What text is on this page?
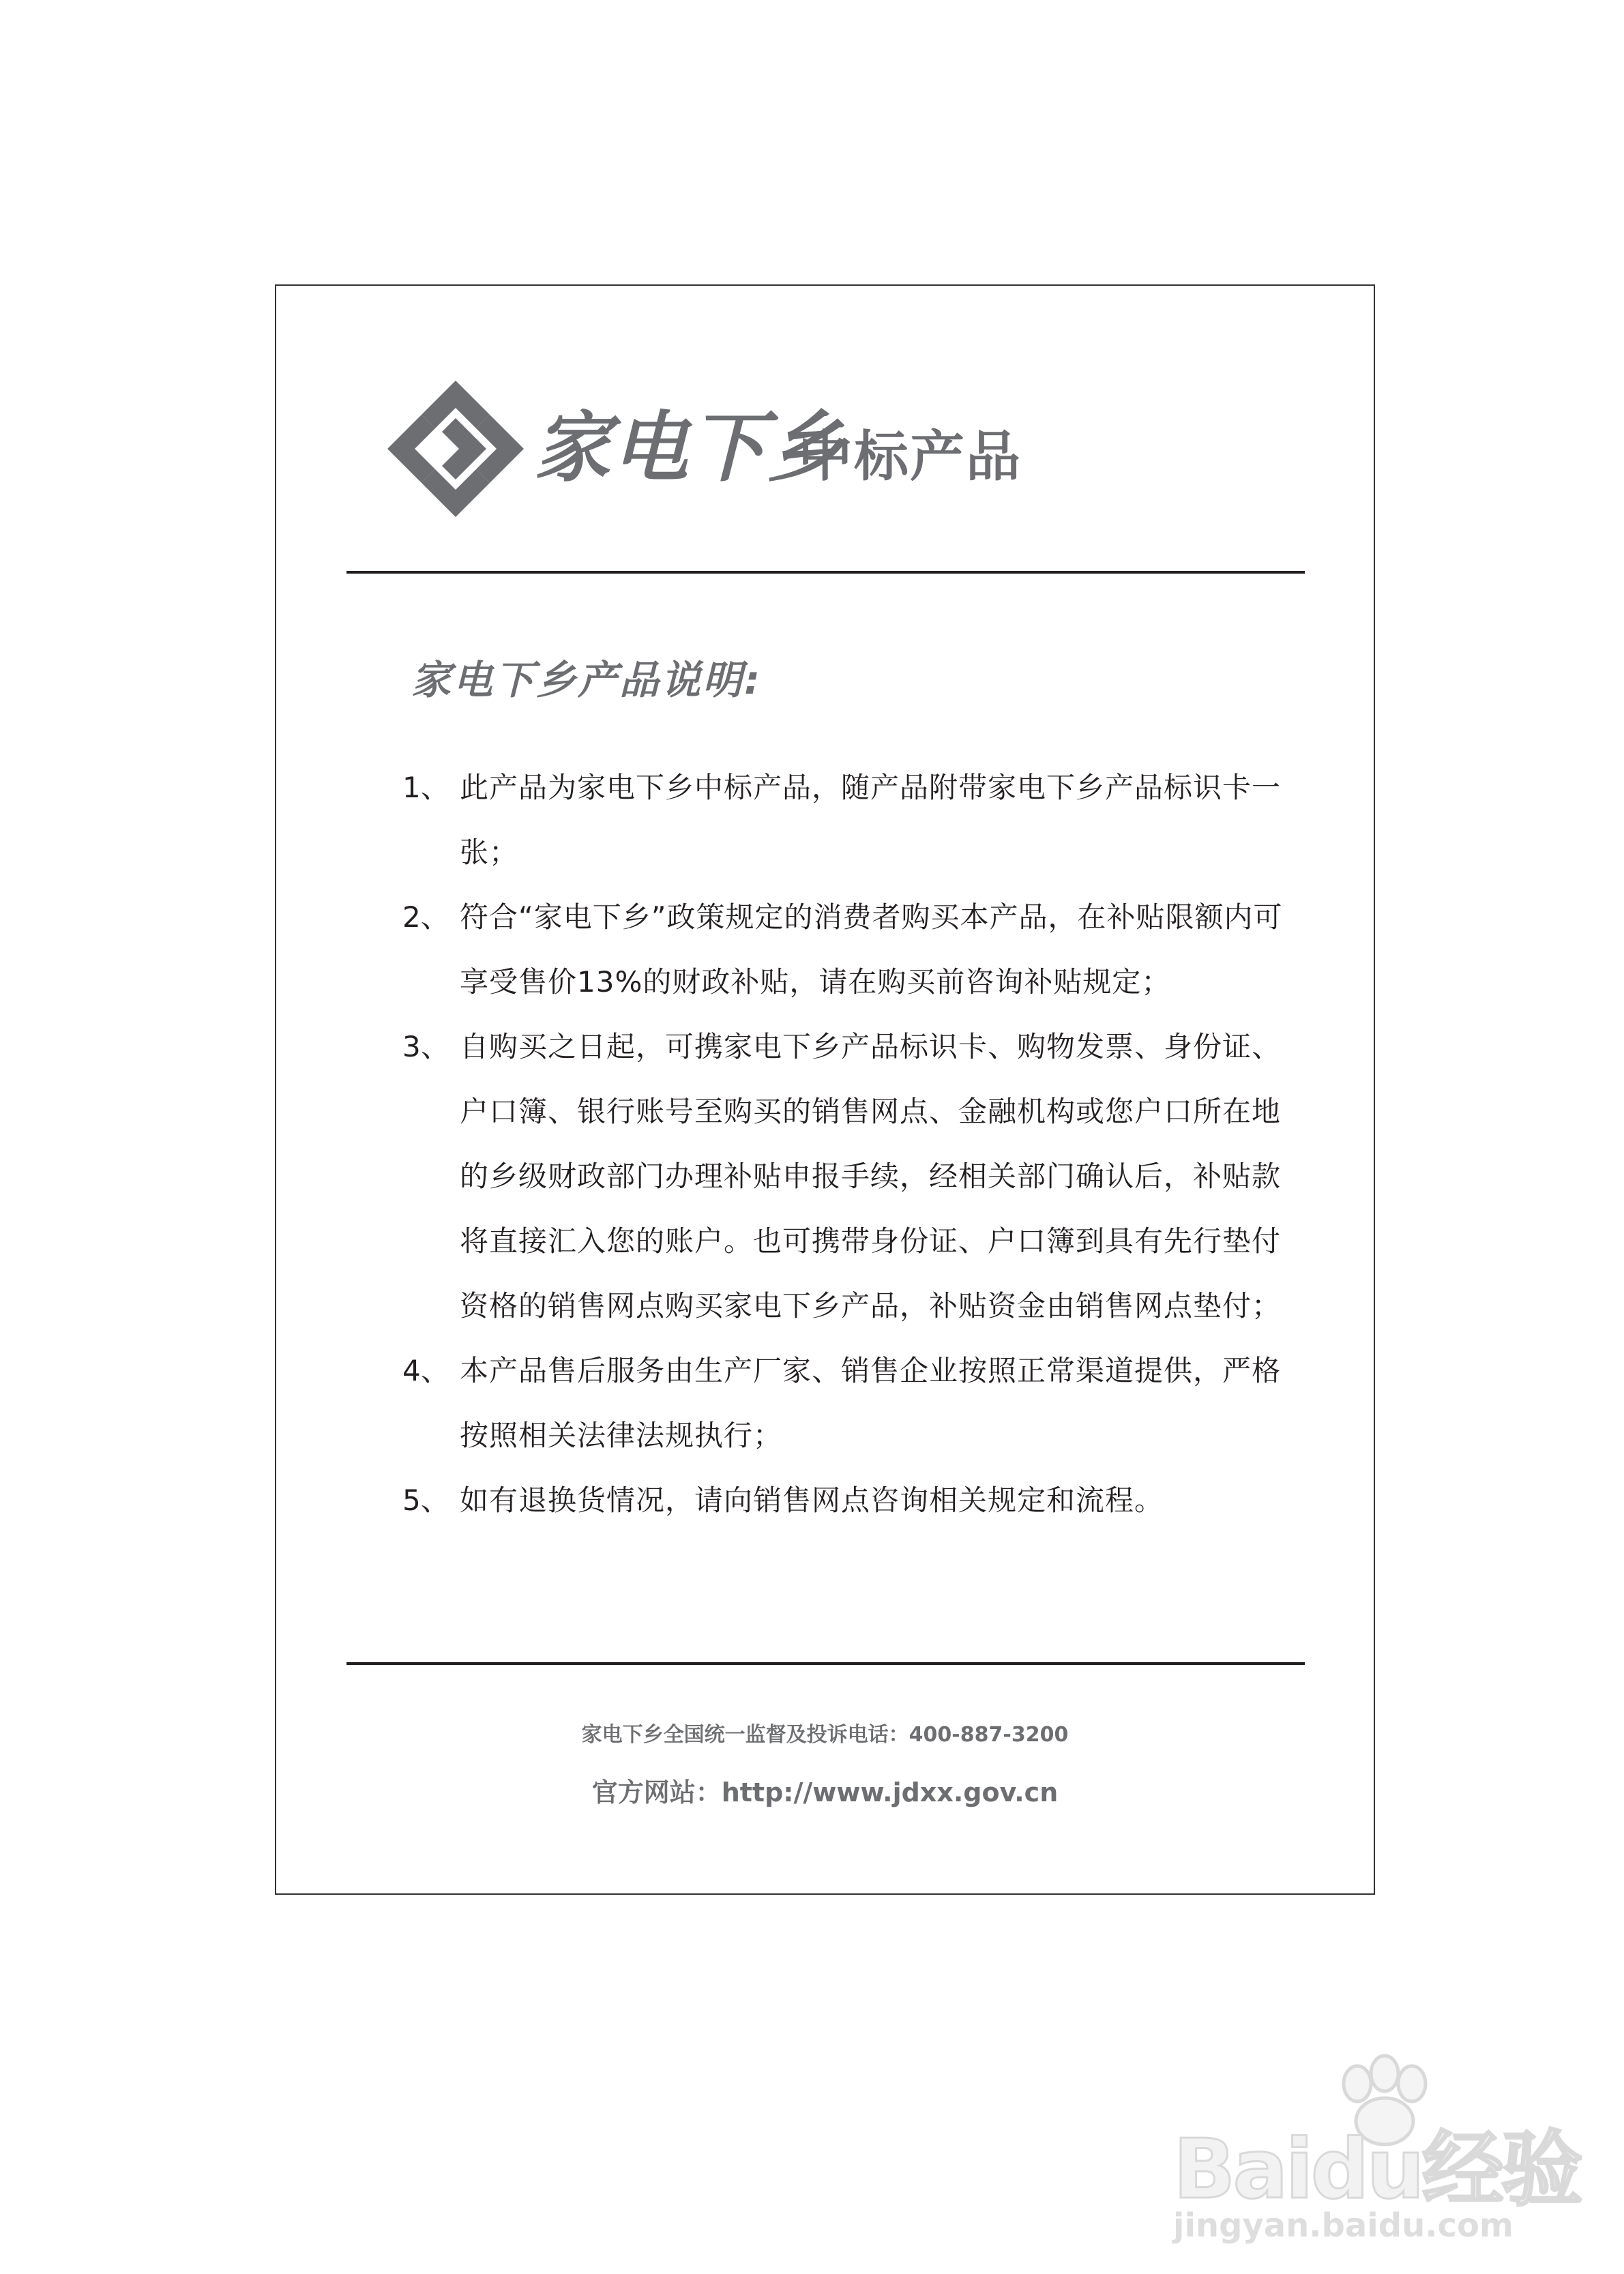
家电下乡
中标产品
家电下乡产品说明:
1、 此产品为家电下乡中标产品，随产品附带家电下乡产品标识卡一张；
2、 符合“家电下乡”政策规定的消费者购买本产品，在补贴限额内可享受售价13%的财政补贴，请在购买前咨询补贴规定；
3、 自购买之日起，可携家电下乡产品标识卡、购物发票、身份证、户口簿、银行账号至购买的销售网点、金融机构或您户口所在地的乡级财政部门办理补贴申报手续，经相关部门确认后，补贴款将直接汇入您的账户。也可携带身份证、户口簿到具有先行垫付资格的销售网点购买家电下乡产品，补贴资金由销售网点垫付；
4、 本产品售后服务由生产厂家、销售企业按照正常渠道提供，严格按照相关法律法规执行；
5、 如有退换货情况，请向销售网点咨询相关规定和流程。
家电下乡全国统一监督及投诉电话：400-887-3200
官方网站：http://www.jdxx.gov.cn
Baidu经验
jingyan.baidu.com
